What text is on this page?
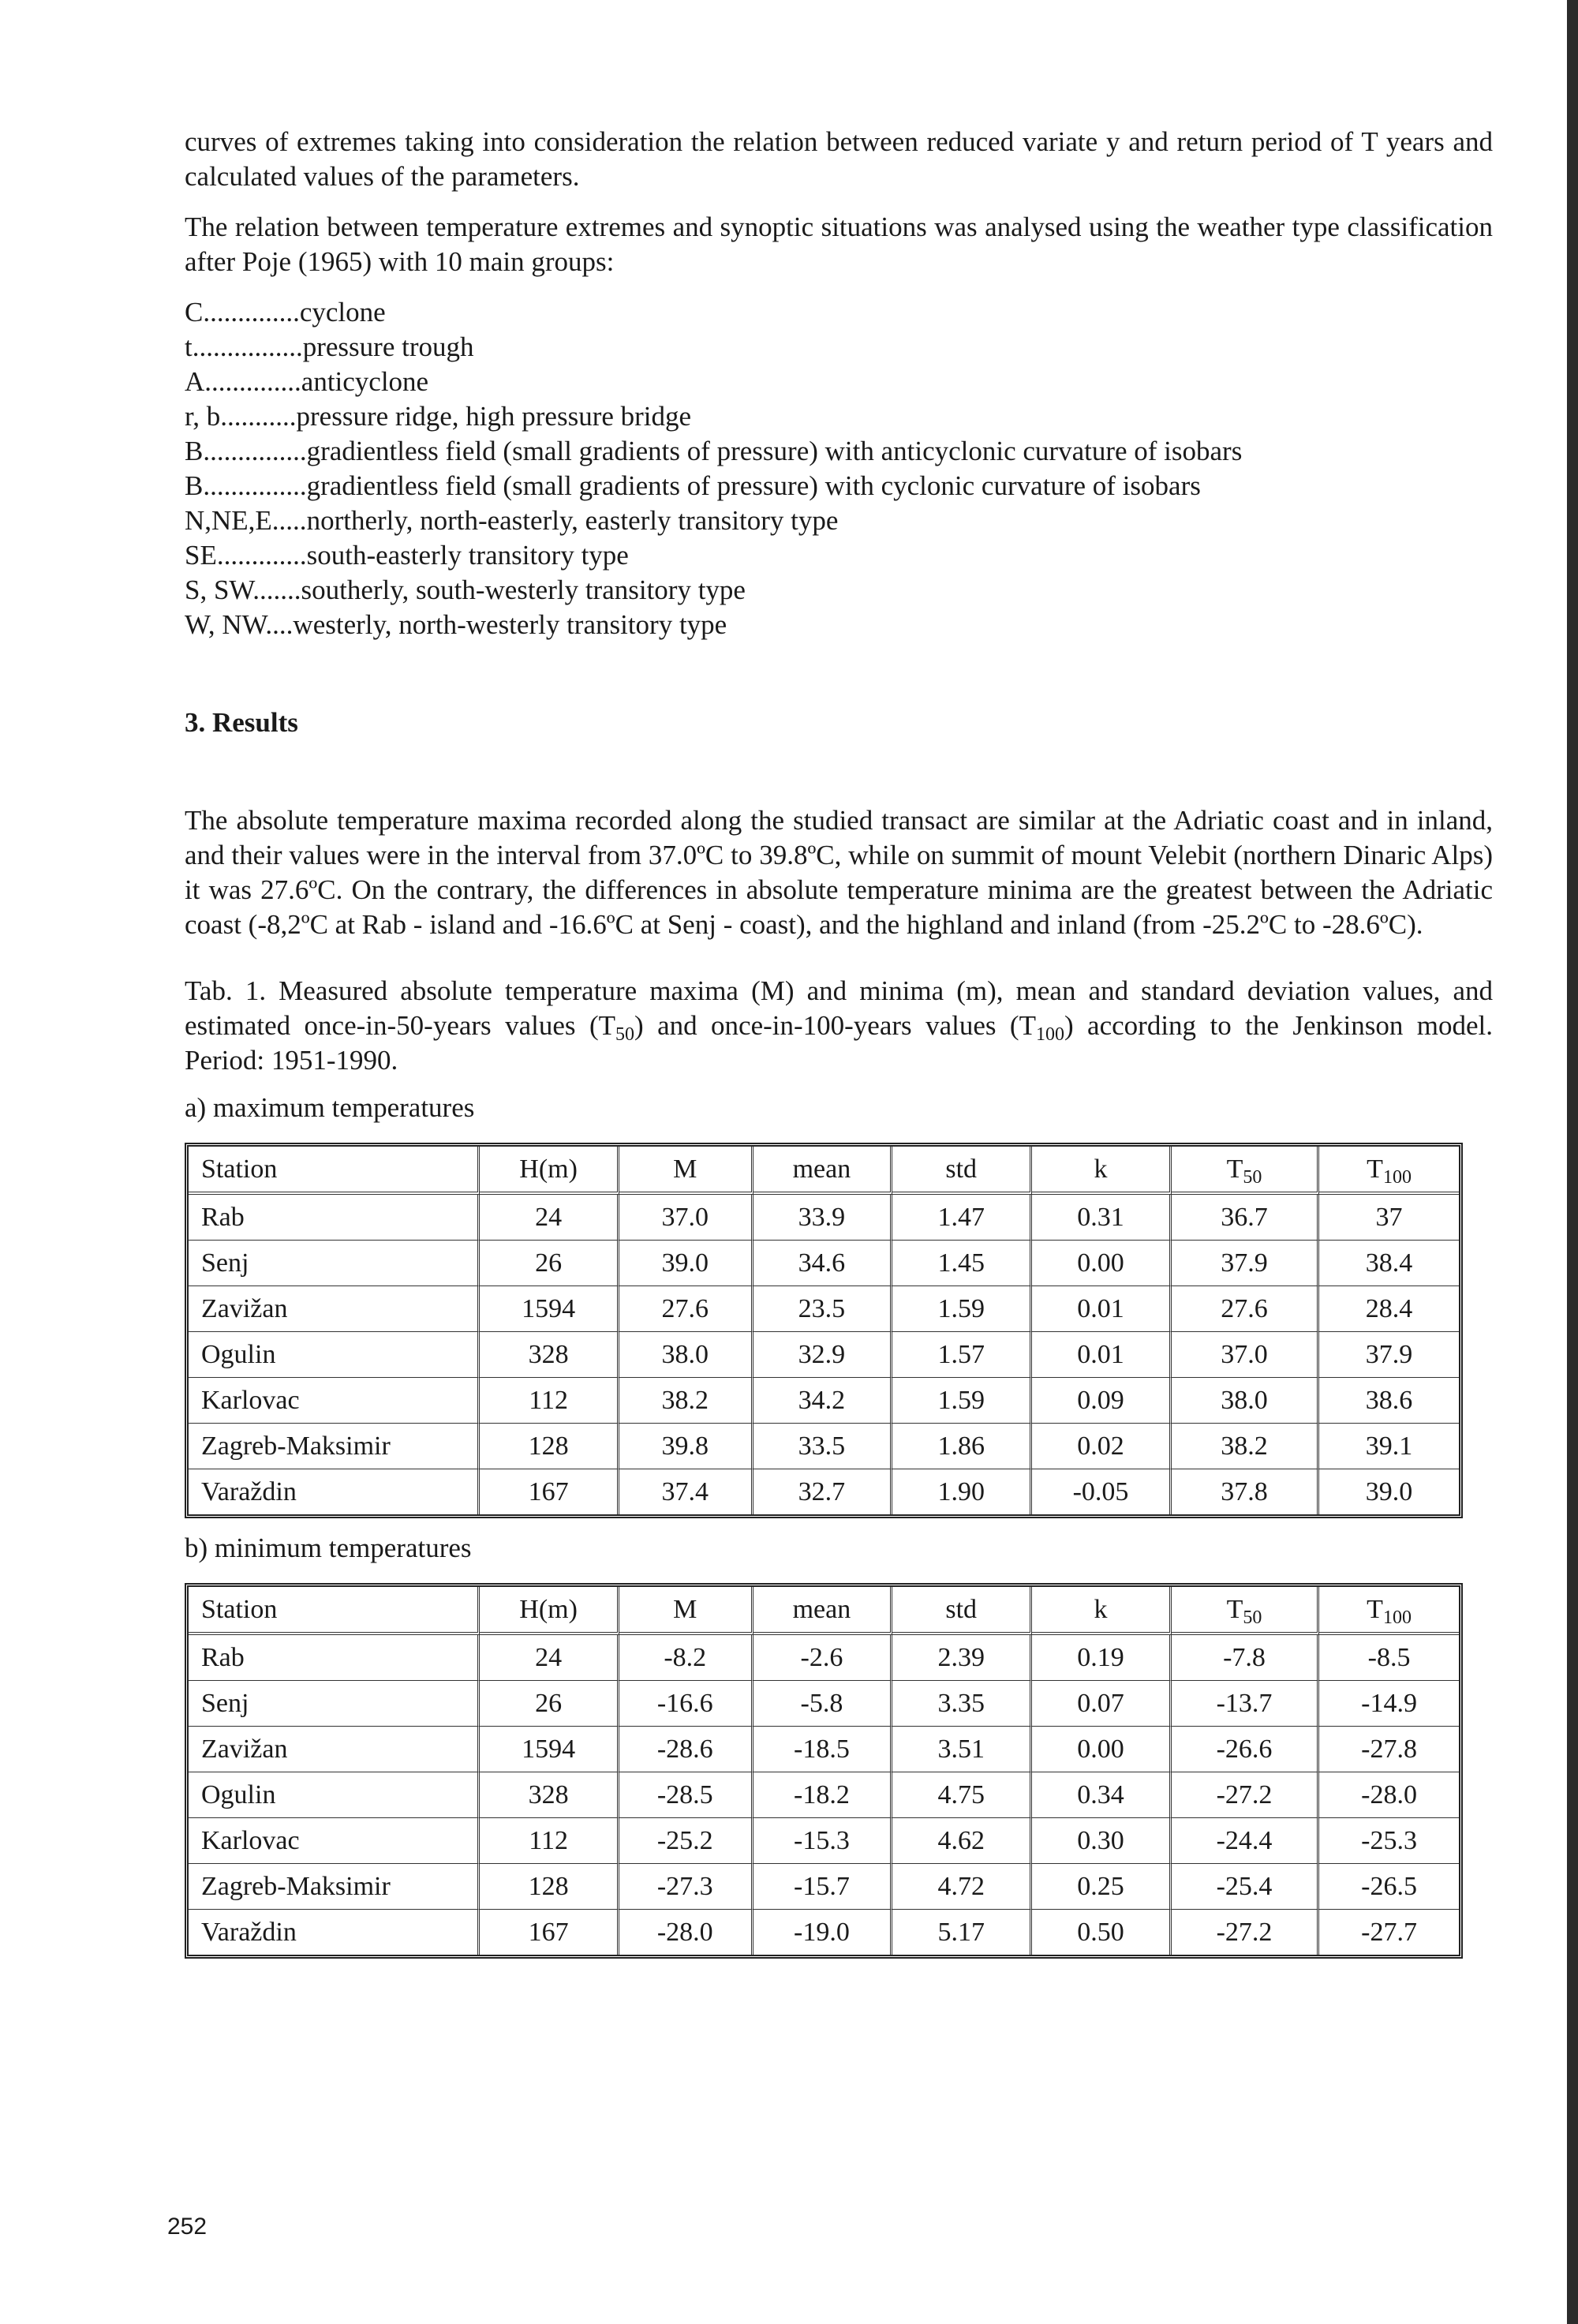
curves of extremes taking into consideration the relation between reduced variate y and return period of T years and calculated values of the parameters.

The relation between temperature extremes and synoptic situations was analysed using the weather type classification after Poje (1965) with 10 main groups:

C..............cyclone
t................pressure trough
A..............anticyclone
r, b...........pressure ridge, high pressure bridge
B...............gradientless field (small gradients of pressure) with anticyclonic curvature of isobars
B...............gradientless field (small gradients of pressure) with cyclonic curvature of isobars
N,NE,E.....northerly, north-easterly, easterly transitory type
SE.............south-easterly transitory type
S, SW.......southerly, south-westerly transitory type
W, NW....westerly, north-westerly transitory type

3. Results

The absolute temperature maxima recorded along the studied transact are similar at the Adriatic coast and in inland, and their values were in the interval from 37.0ºC to 39.8ºC, while on summit of mount Velebit (northern Dinaric Alps) it was 27.6ºC. On the contrary, the differences in absolute temperature minima are the greatest between the Adriatic coast (-8,2ºC at Rab - island and -16.6ºC at Senj - coast), and the highland and inland (from -25.2ºC to -28.6ºC).

Tab. 1. Measured absolute temperature maxima (M) and minima (m), mean and standard deviation values, and estimated once-in-50-years values $(T_{50})$ and once-in-100-years values $(T_{100})$ according to the Jenkinson model. Period: 1951-1990.

a) maximum temperatures

Station	H(m)	M	mean	std	k	$T_{50}$	$T_{100}$
Rab	24	37.0	33.9	1.47	0.31	36.7	37
Senj	26	39.0	34.6	1.45	0.00	37.9	38.4
Zavižan	1594	27.6	23.5	1.59	0.01	27.6	28.4
Ogulin	328	38.0	32.9	1.57	0.01	37.0	37.9
Karlovac	112	38.2	34.2	1.59	0.09	38.0	38.6
Zagreb-Maksimir	128	39.8	33.5	1.86	0.02	38.2	39.1
Varaždin	167	37.4	32.7	1.90	-0.05	37.8	39.0

b) minimum temperatures

Station	H(m)	M	mean	std	k	$T_{50}$	$T_{100}$
Rab	24	-8.2	-2.6	2.39	0.19	-7.8	-8.5
Senj	26	-16.6	-5.8	3.35	0.07	-13.7	-14.9
Zavižan	1594	-28.6	-18.5	3.51	0.00	-26.6	-27.8
Ogulin	328	-28.5	-18.2	4.75	0.34	-27.2	-28.0
Karlovac	112	-25.2	-15.3	4.62	0.30	-24.4	-25.3
Zagreb-Maksimir	128	-27.3	-15.7	4.72	0.25	-25.4	-26.5
Varaždin	167	-28.0	-19.0	5.17	0.50	-27.2	-27.7
252
